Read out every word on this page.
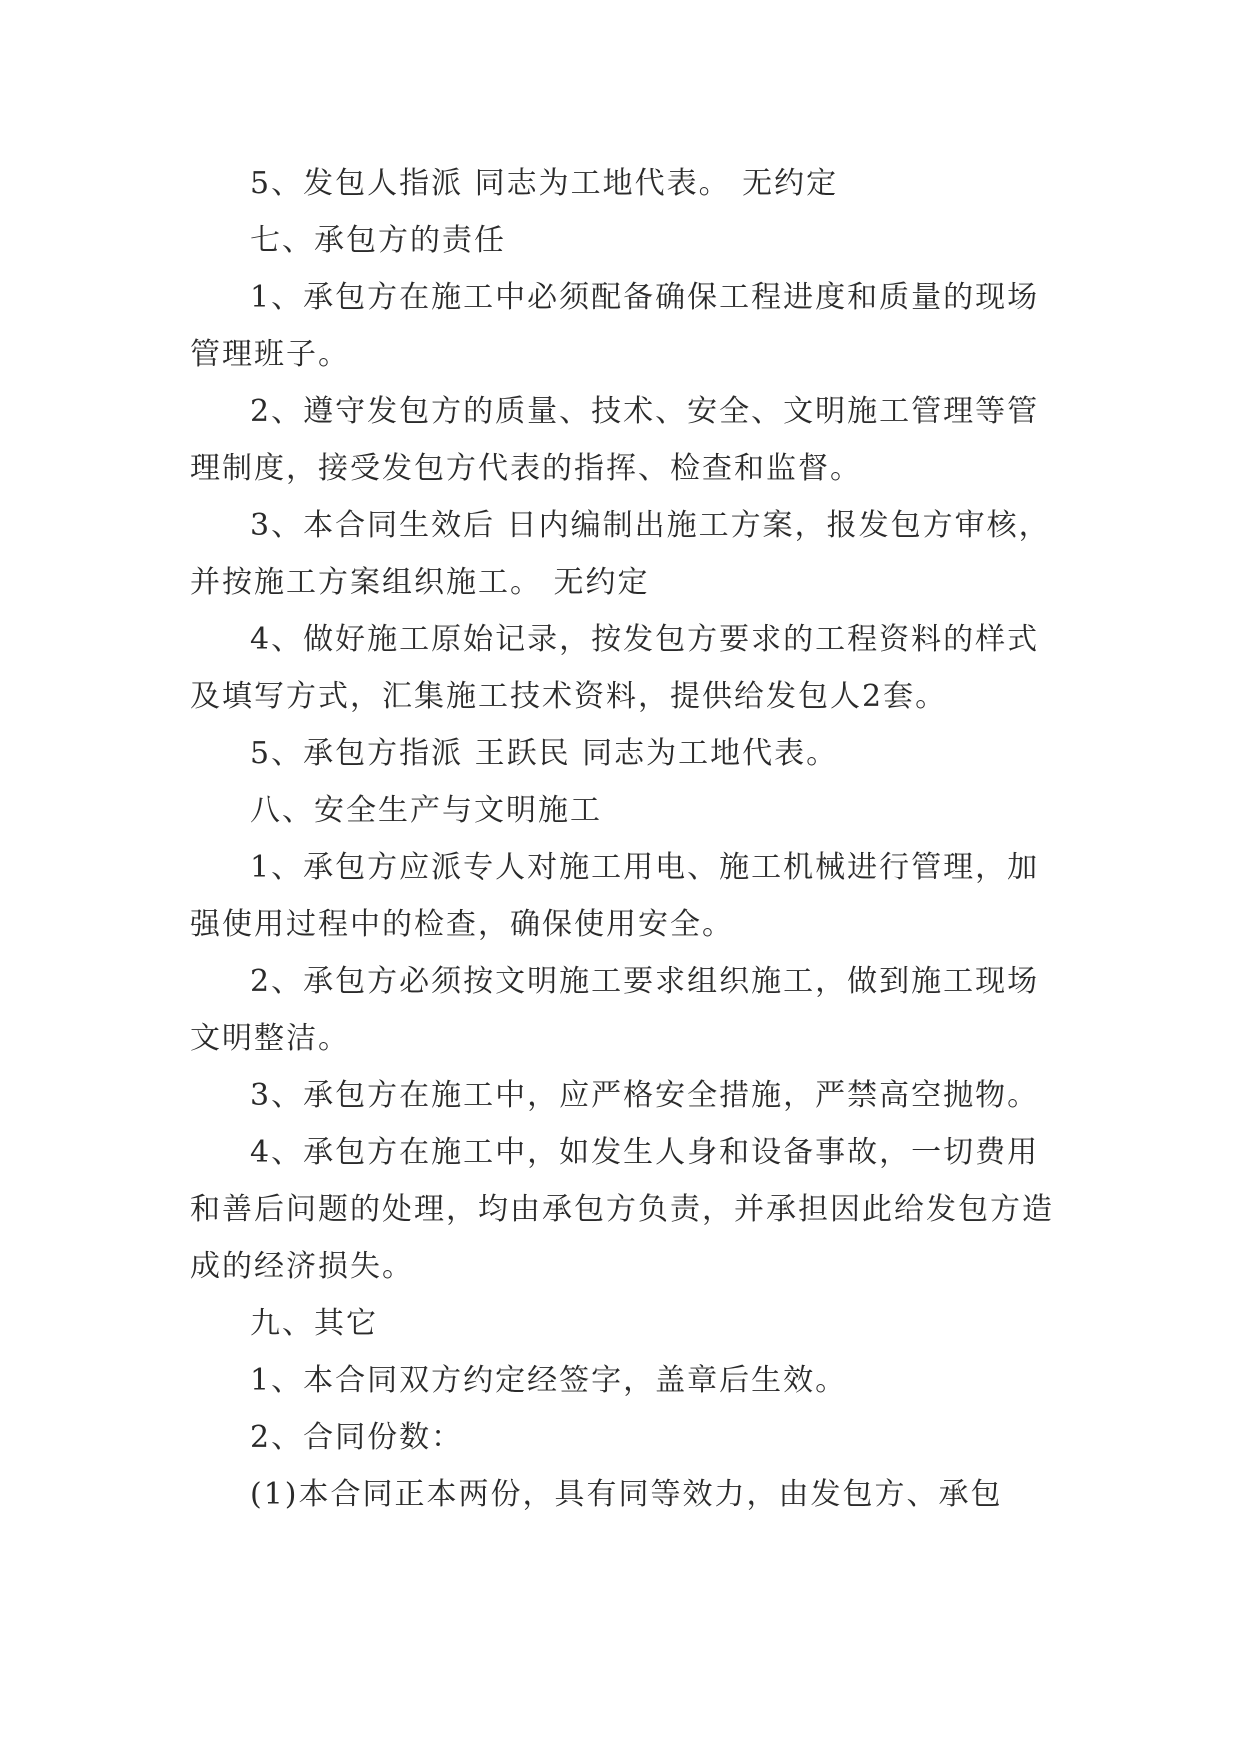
5、发包人指派 同志为工地代表。 无约定

七、承包方的责任

1、承包方在施工中必须配备确保工程进度和质量的现场管理班子。

2、遵守发包方的质量、技术、安全、文明施工管理等管理制度，接受发包方代表的指挥、检查和监督。

3、本合同生效后 日内编制出施工方案，报发包方审核，并按施工方案组织施工。 无约定

4、做好施工原始记录，按发包方要求的工程资料的样式及填写方式，汇集施工技术资料，提供给发包人2套。

5、承包方指派 王跃民 同志为工地代表。

八、安全生产与文明施工

1、承包方应派专人对施工用电、施工机械进行管理，加强使用过程中的检查，确保使用安全。

2、承包方必须按文明施工要求组织施工，做到施工现场文明整洁。

3、承包方在施工中，应严格安全措施，严禁高空抛物。

4、承包方在施工中，如发生人身和设备事故，一切费用和善后问题的处理，均由承包方负责，并承担因此给发包方造成的经济损失。

九、其它

1、本合同双方约定经签字，盖章后生效。

2、合同份数：

(1)本合同正本两份，具有同等效力，由发包方、承包
